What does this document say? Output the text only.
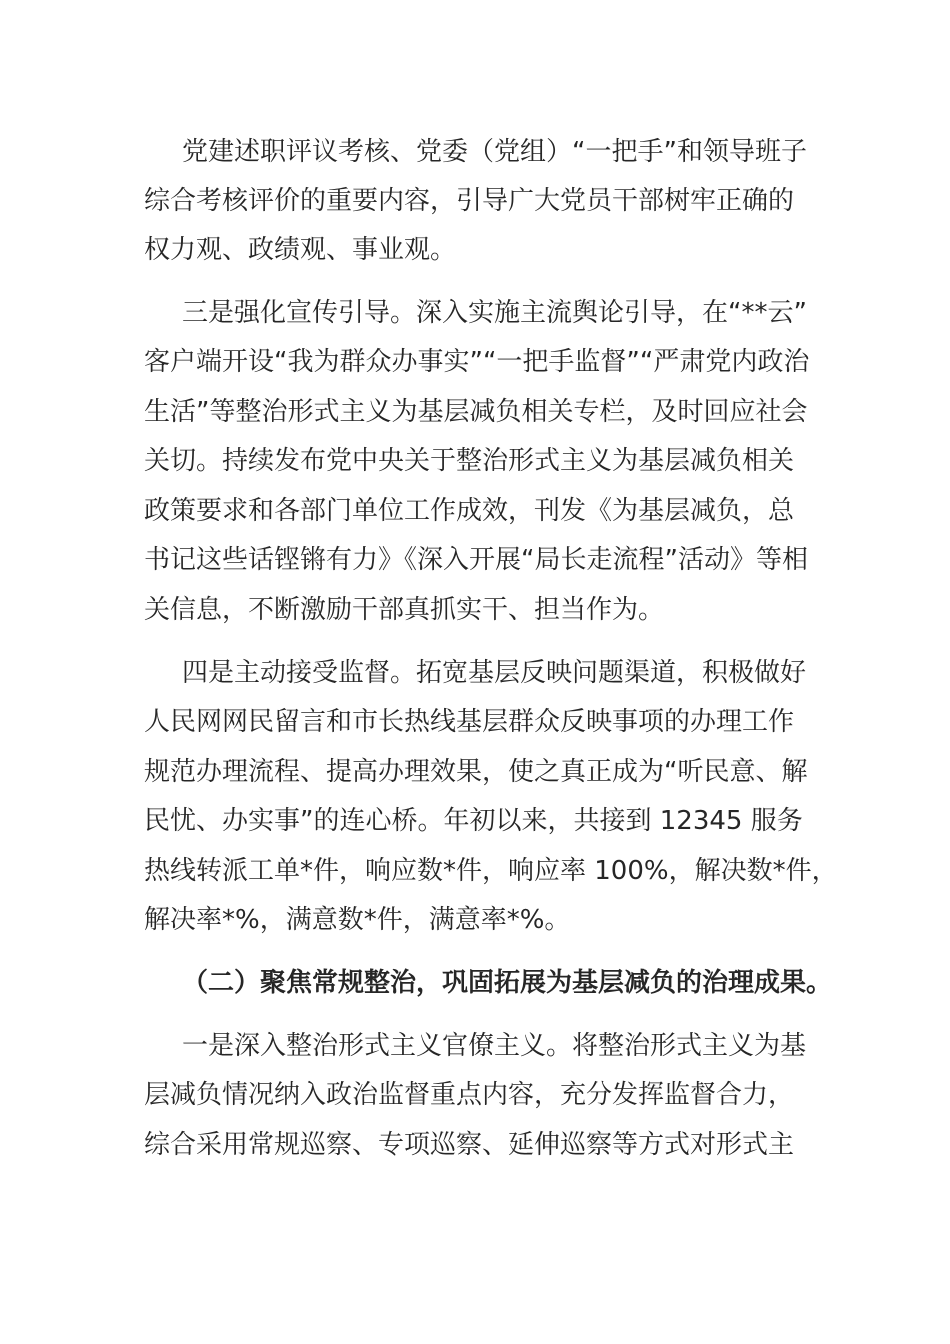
党建述职评议考核、党委（党组）“一把手”和领导班子
综合考核评价的重要内容，引导广大党员干部树牢正确的
权力观、政绩观、事业观。
三是强化宣传引导。深入实施主流舆论引导，在“**云”
客户端开设“我为群众办事实”“一把手监督”“严肃党内政治
生活”等整治形式主义为基层减负相关专栏，及时回应社会
关切。持续发布党中央关于整治形式主义为基层减负相关
政策要求和各部门单位工作成效，刊发《为基层减负，总
书记这些话铿锵有力》《深入开展“局长走流程”活动》等相
关信息，不断激励干部真抓实干、担当作为。
四是主动接受监督。拓宽基层反映问题渠道，积极做好
人民网网民留言和市长热线基层群众反映事项的办理工作
规范办理流程、提高办理效果，使之真正成为“听民意、解
民忧、办实事”的连心桥。年初以来，共接到 12345 服务
热线转派工单*件，响应数*件，响应率 100%，解决数*件，
解决率*%，满意数*件，满意率*%。
（二）聚焦常规整治，巩固拓展为基层减负的治理成果。
一是深入整治形式主义官僚主义。将整治形式主义为基
层减负情况纳入政治监督重点内容，充分发挥监督合力，
综合采用常规巡察、专项巡察、延伸巡察等方式对形式主
